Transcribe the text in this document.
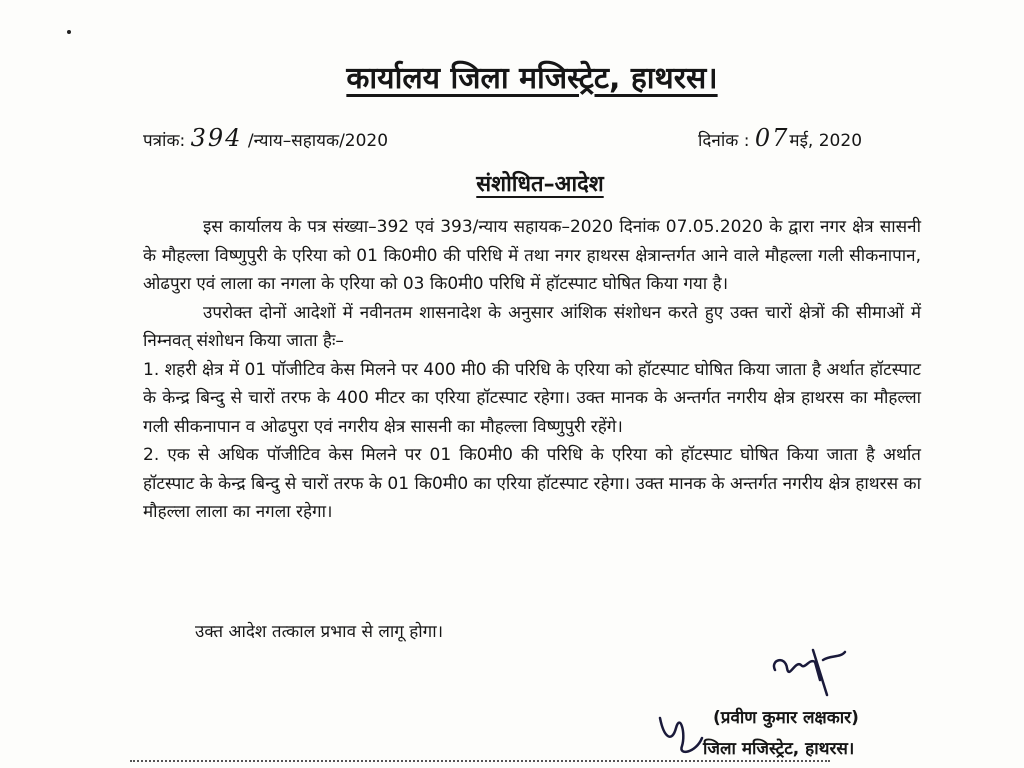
कार्यालय जिला मजिस्ट्रेट, हाथरस।
पत्रांक: 394 /न्याय–सहायक/2020	दिनांक : 07मई, 2020
संशोधित–आदेश

इस कार्यालय के पत्र संख्या–392 एवं 393/न्याय सहायक–2020 दिनांक 07.05.2020 के द्वारा नगर क्षेत्र सासनी के मौहल्ला विष्णुपुरी के एरिया को 01 कि0मी0 की परिधि में तथा नगर हाथरस क्षेत्रान्तर्गत आने वाले मौहल्ला गली सीकनापान, ओढपुरा एवं लाला का नगला के एरिया को 03 कि0मी0 परिधि में हॉटस्पाट घोषित किया गया है।

उपरोक्त दोनों आदेशों में नवीनतम शासनादेश के अनुसार आंशिक संशोधन करते हुए उक्त चारों क्षेत्रों की सीमाओं में निम्नवत् संशोधन किया जाता हैः–

1. शहरी क्षेत्र में 01 पॉजीटिव केस मिलने पर 400 मी0 की परिधि के एरिया को हॉटस्पाट घोषित किया जाता है अर्थात हॉटस्पाट के केन्द्र बिन्दु से चारों तरफ के 400 मीटर का एरिया हॉटस्पाट रहेगा। उक्त मानक के अन्तर्गत नगरीय क्षेत्र हाथरस का मौहल्ला गली सीकनापान व ओढपुरा एवं नगरीय क्षेत्र सासनी का मौहल्ला विष्णुपुरी रहेंगे।

2. एक से अधिक पॉजीटिव केस मिलने पर 01 कि0मी0 की परिधि के एरिया को हॉटस्पाट घोषित किया जाता है अर्थात हॉटस्पाट के केन्द्र बिन्दु से चारों तरफ के 01 कि0मी0 का एरिया हॉटस्पाट रहेगा। उक्त मानक के अन्तर्गत नगरीय क्षेत्र हाथरस का मौहल्ला लाला का नगला रहेगा।

उक्त आदेश तत्काल प्रभाव से लागू होगा।
(प्रवीण कुमार लक्षकार)
जिला मजिस्ट्रेट, हाथरस।
